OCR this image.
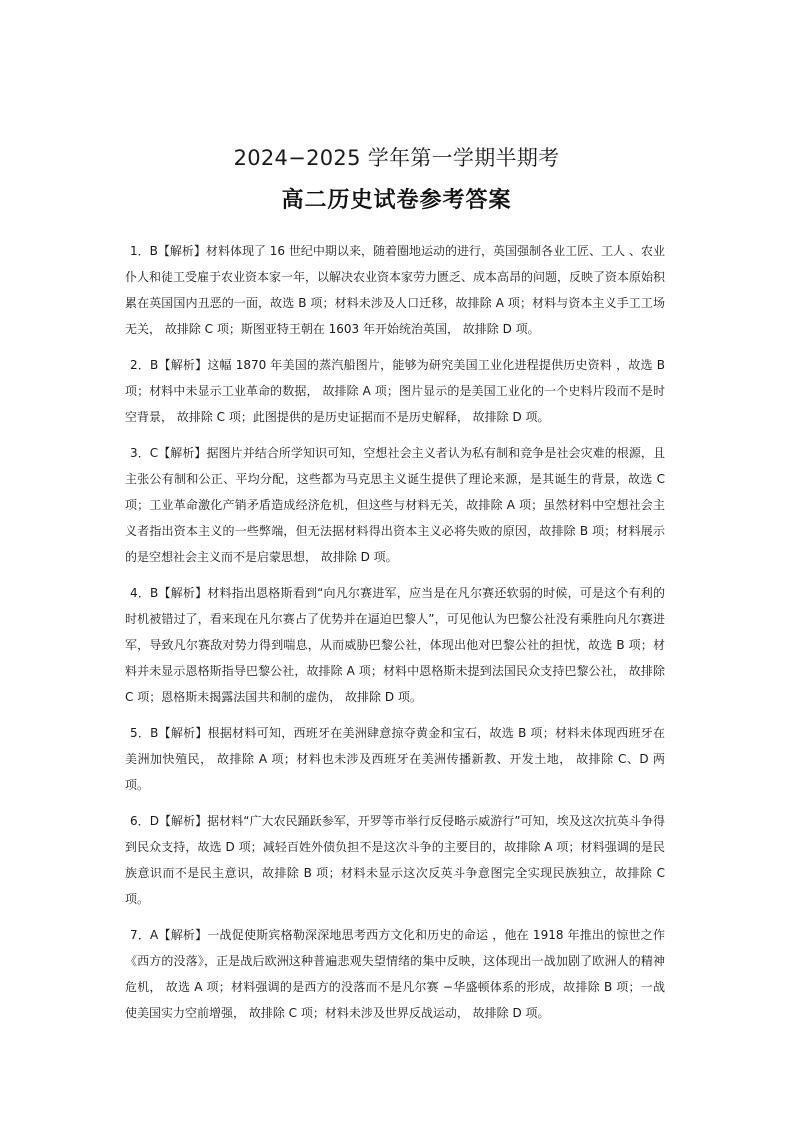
2024−2025 学年第一学期半期考
高二历史试卷参考答案

1．B【解析】材料体现了 16 世纪中期以来，随着圈地运动的进行，英国强制各业工匠、工人 、农业仆人和徒工受雇于农业资本家一年，以解决农业资本家劳力匮乏、成本高昂的问题，反映了资本原始积累在英国国内丑恶的一面，故选 B 项；材料未涉及人口迁移，故排除 A 项；材料与资本主义手工工场无关， 故排除 C 项；斯图亚特王朝在 1603 年开始统治英国， 故排除 D 项。

2．B【解析】这幅 1870 年美国的蒸汽船图片，能够为研究美国工业化进程提供历史资料 ，故选 B 项；材料中未显示工业革命的数据， 故排除 A 项；图片显示的是美国工业化的一个史料片段而不是时空背景， 故排除 C 项；此图提供的是历史证据而不是历史解释， 故排除 D 项。

3．C【解析】据图片并结合所学知识可知，空想社会主义者认为私有制和竞争是社会灾难的根源，且主张公有制和公正、平均分配，这些都为马克思主义诞生提供了理论来源，是其诞生的背景，故选 C 项；工业革命激化产销矛盾造成经济危机，但这些与材料无关，故排除 A 项；虽然材料中空想社会主义者指出资本主义的一些弊端，但无法据材料得出资本主义必将失败的原因，故排除 B 项；材料展示的是空想社会主义而不是启蒙思想， 故排除 D 项。

4．B【解析】材料指出恩格斯看到“向凡尔赛进军，应当是在凡尔赛还软弱的时候，可是这个有利的时机被错过了，看来现在凡尔赛占了优势并在逼迫巴黎人”，可见他认为巴黎公社没有乘胜向凡尔赛进军，导致凡尔赛敌对势力得到喘息，从而威胁巴黎公社，体现出他对巴黎公社的担忧，故选 B 项；材料并未显示恩格斯指导巴黎公社，故排除 A 项；材料中恩格斯未提到法国民众支持巴黎公社， 故排除 C 项；恩格斯未揭露法国共和制的虚伪， 故排除 D 项。

5．B【解析】根据材料可知，西班牙在美洲肆意掠夺黄金和宝石，故选 B 项；材料未体现西班牙在美洲加快殖民， 故排除 A 项；材料也未涉及西班牙在美洲传播新教、开发土地， 故排除 C、D 两项。

6．D【解析】据材料“广大农民踊跃参军，开罗等市举行反侵略示威游行”可知，埃及这次抗英斗争得到民众支持，故选 D 项；减轻百姓外债负担不是这次斗争的主要目的，故排除 A 项；材料强调的是民族意识而不是民主意识，故排除 B 项；材料未显示这次反英斗争意图完全实现民族独立，故排除 C 项。

7．A【解析】一战促使斯宾格勒深深地思考西方文化和历史的命运 ，他在 1918 年推出的惊世之作《西方的没落》，正是战后欧洲这种普遍悲观失望情绪的集中反映，这体现出一战加剧了欧洲人的精神危机， 故选 A 项；材料强调的是西方的没落而不是凡尔赛 −华盛顿体系的形成，故排除 B 项；一战使美国实力空前增强， 故排除 C 项；材料未涉及世界反战运动， 故排除 D 项。
